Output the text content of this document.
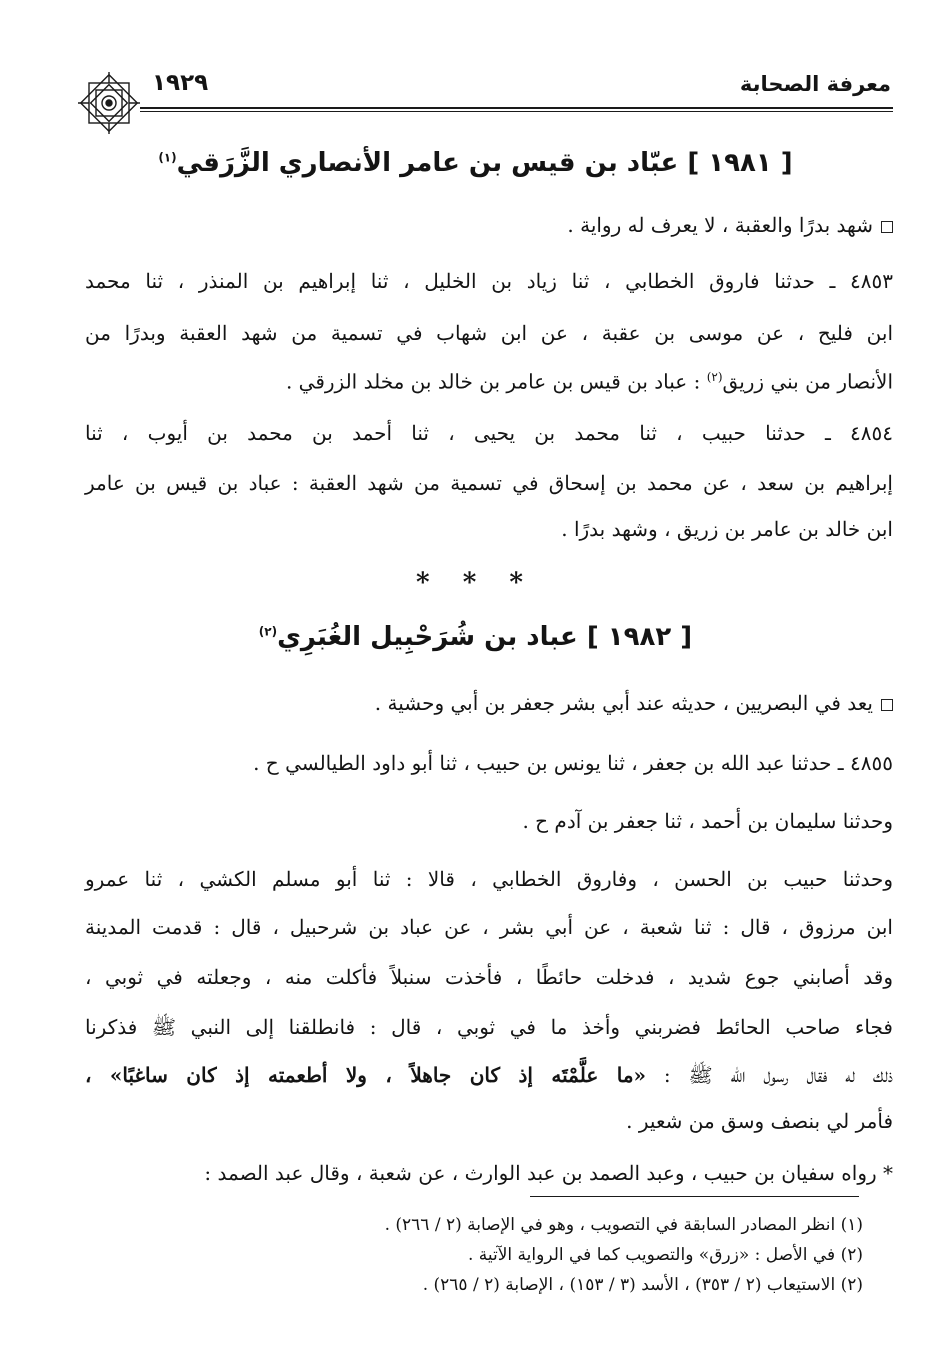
معرفة الصحابة
١٩٢٩
[ ١٩٨١ ] عبّاد بن قيس بن عامر الأنصاري الزَّرَقي$^{(١)}$
شهد بدرًا والعقبة ، لا يعرف له رواية .
٤٨٥٣ ـ حدثنا فاروق الخطابي ، ثنا زياد بن الخليل ، ثنا إبراهيم بن المنذر ، ثنا محمد
ابن فليح ، عن موسى بن عقبة ، عن ابن شهاب في تسمية من شهد العقبة وبدرًا من
الأنصار من بني زريق$^{(٢)}$ : عباد بن قيس بن عامر بن خالد بن مخلد الزرقي .
٤٨٥٤ ـ حدثنا حبيب ، ثنا محمد بن يحيى ، ثنا أحمد بن محمد بن أيوب ، ثنا
إبراهيم بن سعد ، عن محمد بن إسحاق في تسمية من شهد العقبة : عباد بن قيس بن عامر
ابن خالد بن عامر بن زريق ، وشهد بدرًا .
* * *
[ ١٩٨٢ ] عباد بن شُرَحْبِيل الغُبَرِي$^{(٢)}$
يعد في البصريين ، حديثه عند أبي بشر جعفر بن أبي وحشية .
٤٨٥٥ ـ حدثنا عبد الله بن جعفر ، ثنا يونس بن حبيب ، ثنا أبو داود الطيالسي ح .
وحدثنا سليمان بن أحمد ، ثنا جعفر بن آدم ح .
وحدثنا حبيب بن الحسن ، وفاروق الخطابي ، قالا : ثنا أبو مسلم الكشي ، ثنا عمرو
ابن مرزوق ، قال : ثنا شعبة ، عن أبي بشر ، عن عباد بن شرحبيل ، قال : قدمت المدينة
وقد أصابني جوع شديد ، فدخلت حائطًا ، فأخذت سنبلاً فأكلت منه ، وجعلته في ثوبي ،
فجاء صاحب الحائط فضربني وأخذ ما في ثوبي ، قال : فانطلقنا إلى النبي ﷺ فذكرنا
ذلك له فقال رسول الله ﷺ : «ما علَّمْتَه إذ كان جاهلاً ، ولا أطعمته إذ كان ساغبًا» ،
فأمر لي بنصف وسق من شعير .
* رواه سفيان بن حبيب ، وعبد الصمد بن عبد الوارث ، عن شعبة ، وقال عبد الصمد :
(١) انظر المصادر السابقة في التصويب ، وهو في الإصابة (٢ / ٢٦٦) .
(٢) في الأصل : «زرق» والتصويب كما في الرواية الآتية .
(٢) الاستيعاب (٢ / ٣٥٣) ، الأسد (٣ / ١٥٣) ، الإصابة (٢ / ٢٦٥) .
